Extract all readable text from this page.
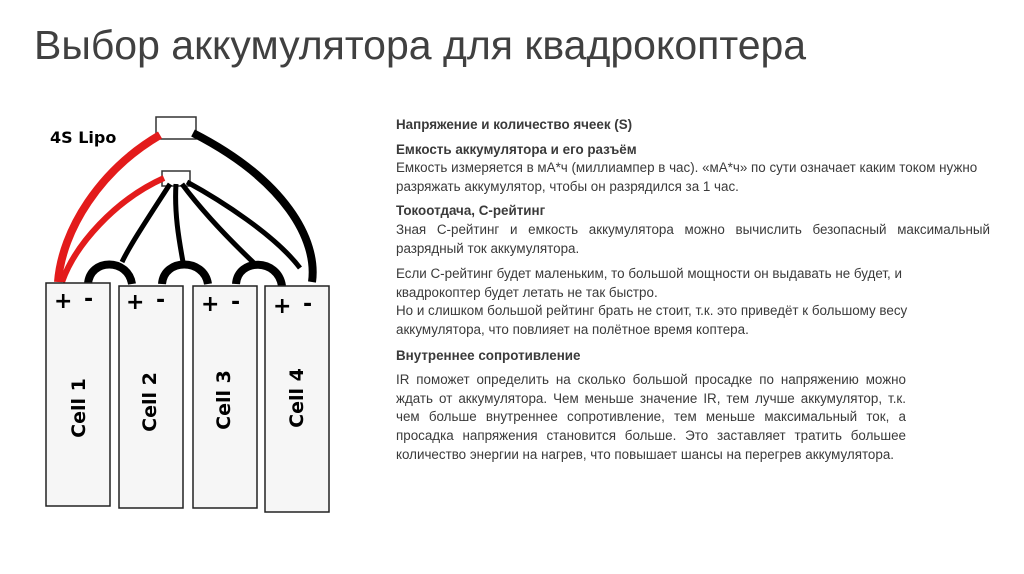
Выбор аккумулятора для квадрокоптера
4S Lipo
+ -
Cell 1
+ -
Cell 2
+ -
Cell 3
+ -
Cell 4
Напряжение и количество ячеек (S)
Емкость аккумулятора и его разъём
Емкость измеряется в мА*ч (миллиампер в час). «мА*ч» по сути означает каким током нужно разряжать аккумулятор, чтобы он разрядился за 1 час.
Токоотдача, С-рейтинг
Зная С-рейтинг и емкость аккумулятора можно вычислить безопасный максимальный разрядный ток аккумулятора.
Если С-рейтинг будет маленьким, то большой мощности он выдавать не будет, и квадрокоптер будет летать не так быстро.
Но и слишком большой рейтинг брать не стоит, т.к. это приведёт к большому весу аккумулятора, что повлияет на полётное время коптера.
Внутреннее сопротивление
IR поможет определить на сколько большой просадке по напряжению можно ждать от аккумулятора. Чем меньше значение IR, тем лучше аккумулятор, т.к. чем больше внутреннее сопротивление, тем меньше максимальный ток, а просадка напряжения становится больше. Это заставляет тратить большее количество энергии на нагрев, что повышает шансы на перегрев аккумулятора.
